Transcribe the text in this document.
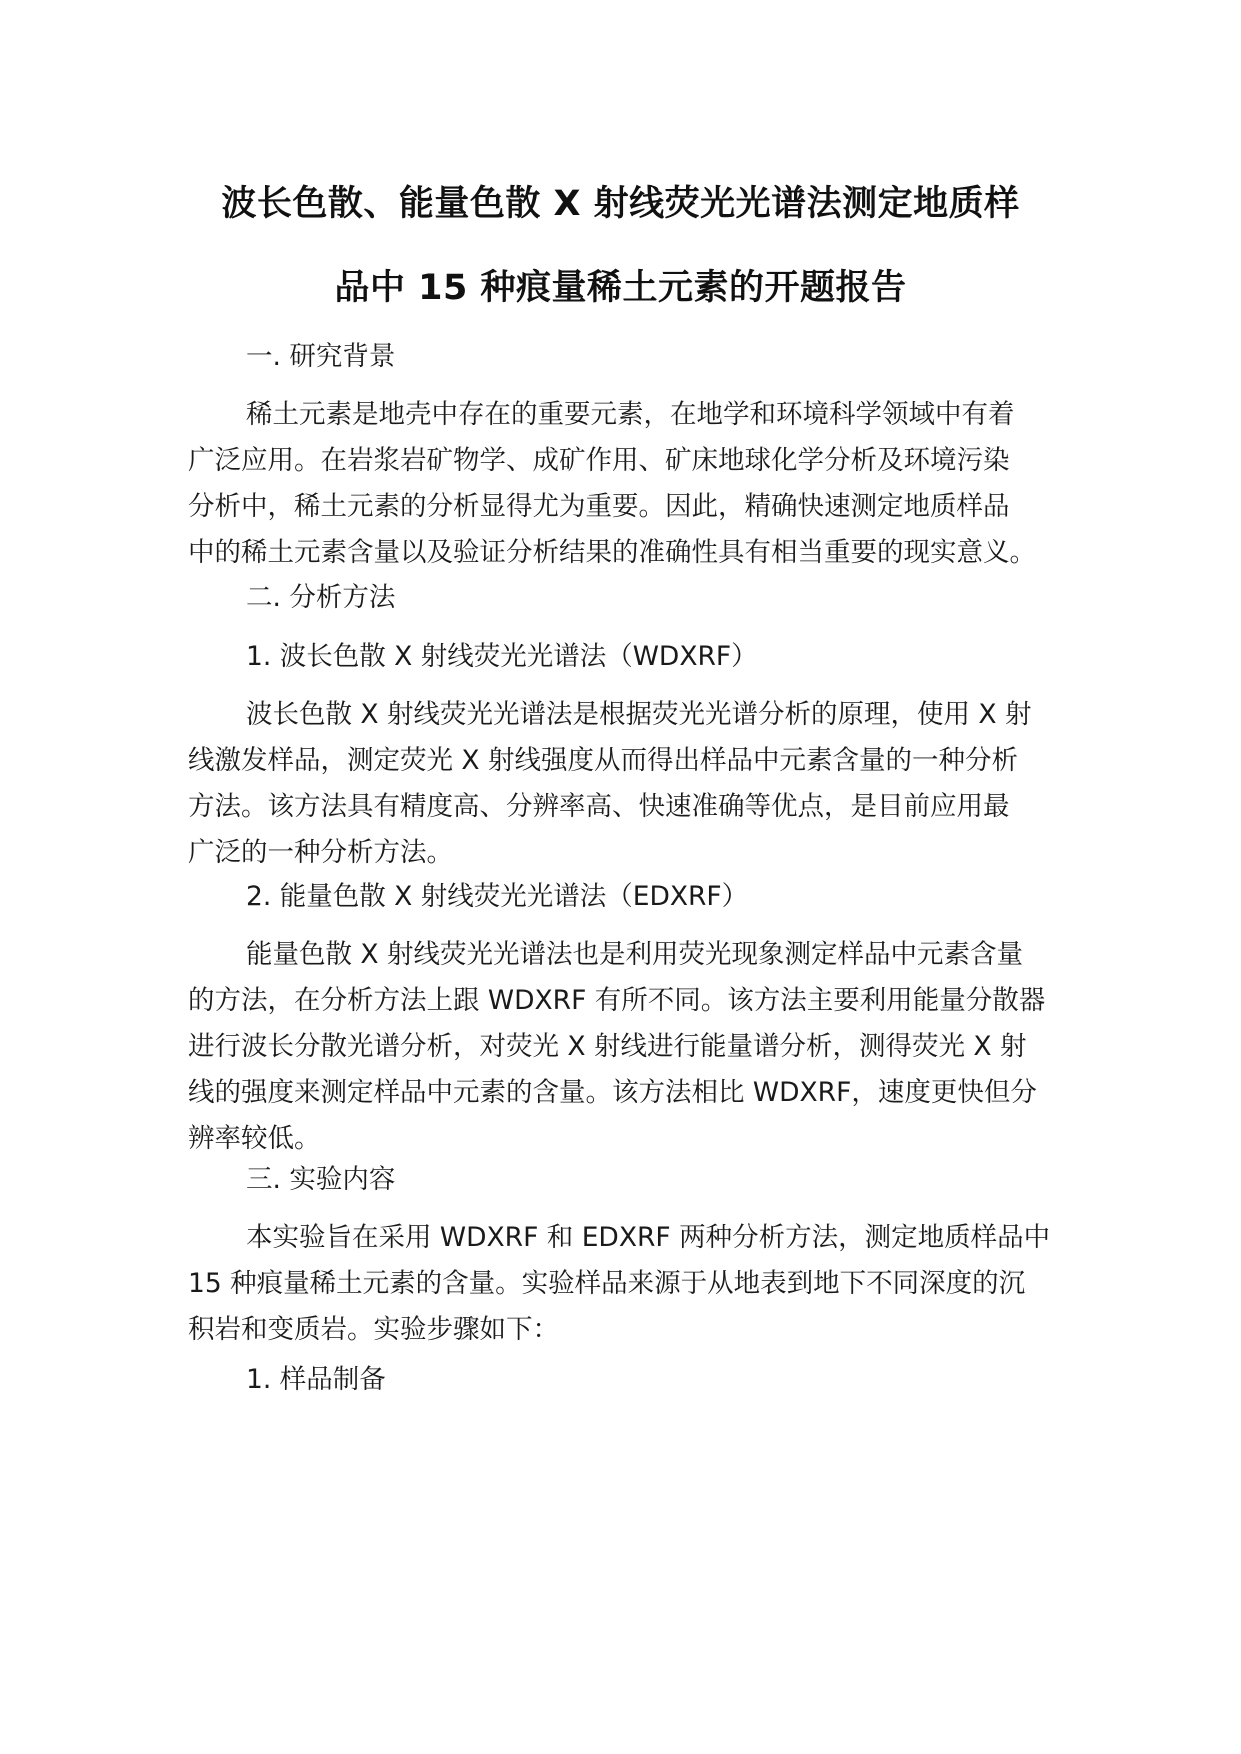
波长色散、能量色散 X 射线荧光光谱法测定地质样
品中 15 种痕量稀土元素的开题报告
一. 研究背景
稀土元素是地壳中存在的重要元素，在地学和环境科学领域中有着
广泛应用。在岩浆岩矿物学、成矿作用、矿床地球化学分析及环境污染
分析中，稀土元素的分析显得尤为重要。因此，精确快速测定地质样品
中的稀土元素含量以及验证分析结果的准确性具有相当重要的现实意义。
二. 分析方法
1. 波长色散 X 射线荧光光谱法（WDXRF）
波长色散 X 射线荧光光谱法是根据荧光光谱分析的原理，使用 X 射
线激发样品，测定荧光 X 射线强度从而得出样品中元素含量的一种分析
方法。该方法具有精度高、分辨率高、快速准确等优点，是目前应用最
广泛的一种分析方法。
2. 能量色散 X 射线荧光光谱法（EDXRF）
能量色散 X 射线荧光光谱法也是利用荧光现象测定样品中元素含量
的方法，在分析方法上跟 WDXRF 有所不同。该方法主要利用能量分散器
进行波长分散光谱分析，对荧光 X 射线进行能量谱分析，测得荧光 X 射
线的强度来测定样品中元素的含量。该方法相比 WDXRF，速度更快但分
辨率较低。
三. 实验内容
本实验旨在采用 WDXRF 和 EDXRF 两种分析方法，测定地质样品中
15 种痕量稀土元素的含量。实验样品来源于从地表到地下不同深度的沉
积岩和变质岩。实验步骤如下：
1. 样品制备
